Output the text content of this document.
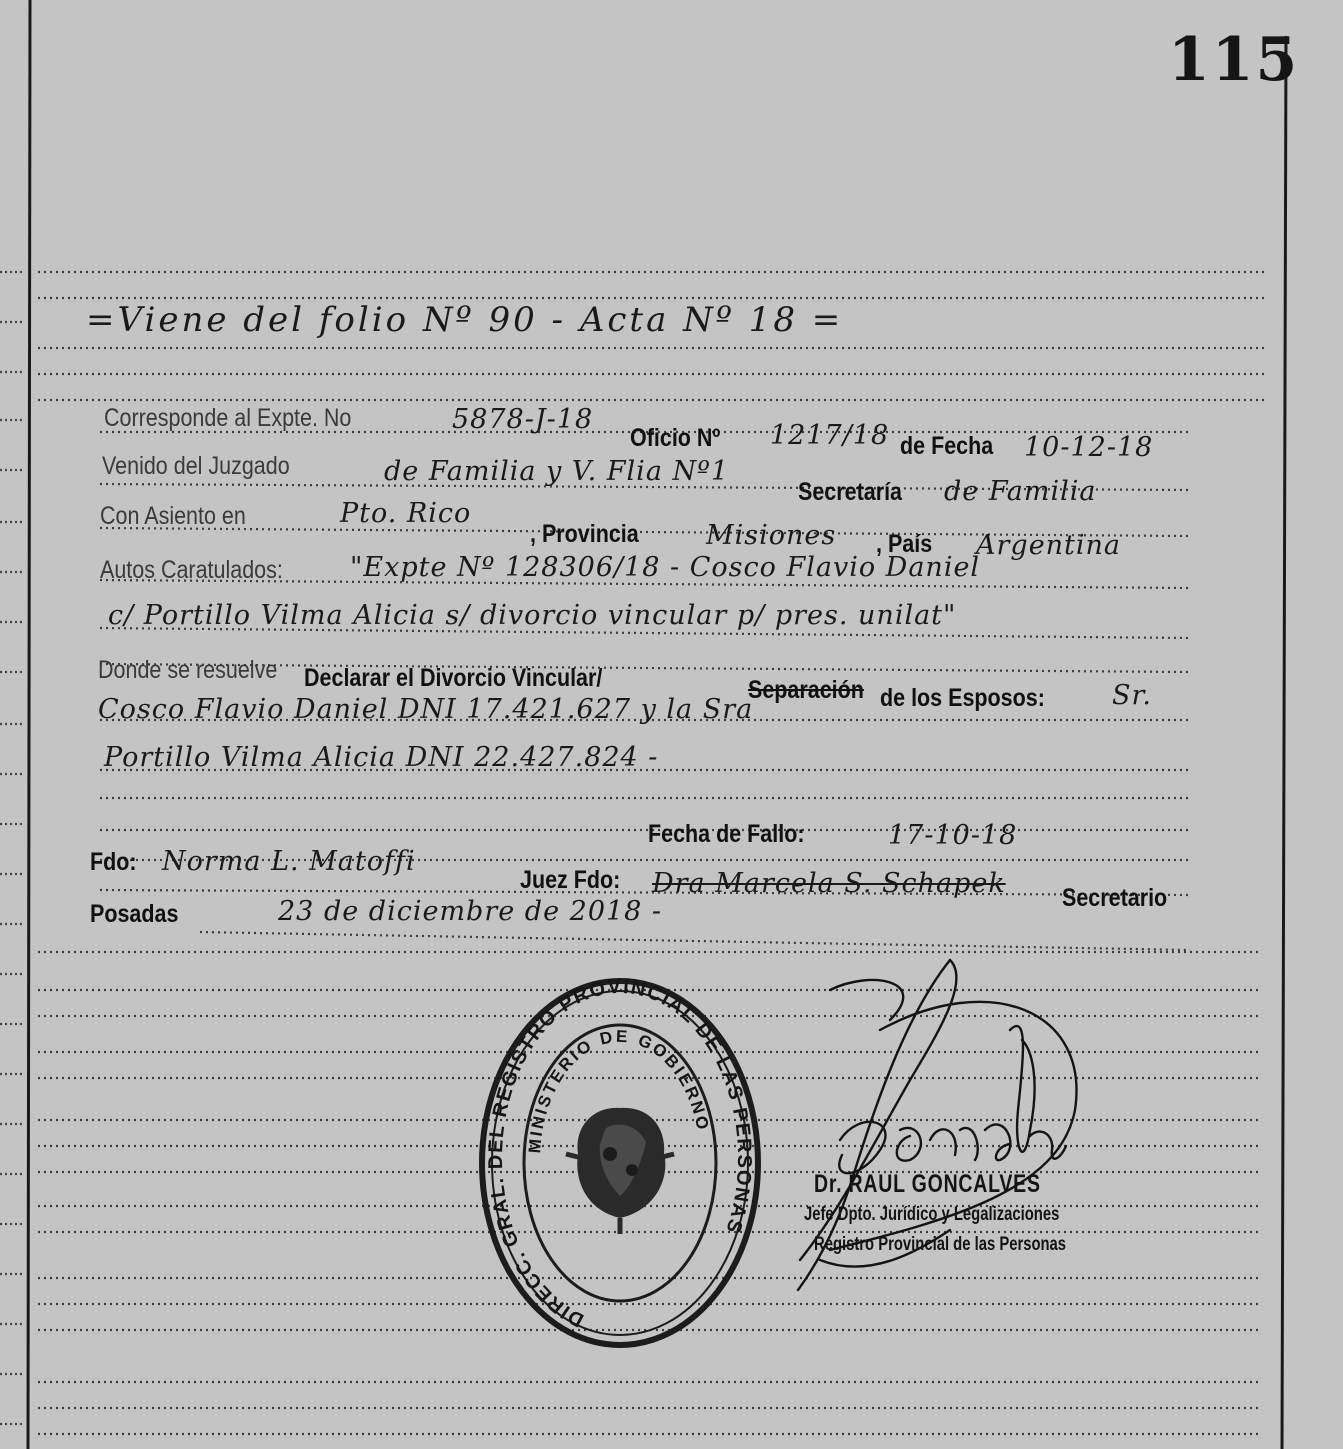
115
=Viene del folio Nº 90 - Acta Nº 18 =
Corresponde al Expte. No	5878-J-18
Oficio Nº 1217/18 de Fecha 10-12-18
Venido del Juzgado	de Familia y V. Flia Nº1
Secretaría de Familia
Con Asiento en	Pto. Rico
, Provincia Misiones , País Argentina
Autos Caratulados: "Expte Nº 128306/18 - Cosco Flavio Daniel
c/ Portillo Vilma Alicia s/ divorcio vincular p/ pres. unilat"
Donde se resuelve Declarar el Divorcio Vincular/	Separación de los Esposos: Sr.
Cosco Flavio Daniel DNI 17.421.627 y la Sra
Portillo Vilma Alicia DNI 22.427.824 -
Fecha de Fallo:	17-10-18
Fdo: Norma L. Matoffi
Juez Fdo: Dra Marcela S. Schapek Secretario
Posadas	23 de diciembre de 2018 -
DIRECC. GRAL. DEL REGISTRO PROVINCIAL DE LAS PERSONAS
MINISTERIO DE GOBIERNO
Dr. RAUL GONCALVES
Jefe Dpto. Jurídico y Legalizaciones
Registro Provincial de las Personas
